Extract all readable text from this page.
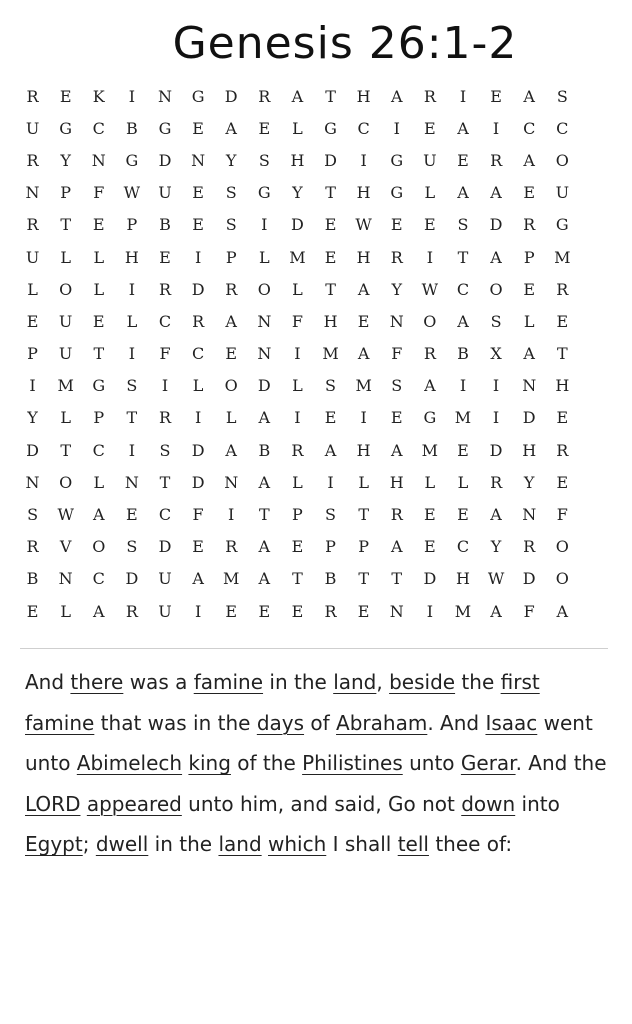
Genesis 26:1-2
R	E	K	I	N	G	D	R	A	T	H	A	R	I	E	A	S
U	G	C	B	G	E	A	E	L	G	C	I	E	A	I	C	C
R	Y	N	G	D	N	Y	S	H	D	I	G	U	E	R	A	O
N	P	F	W	U	E	S	G	Y	T	H	G	L	A	A	E	U
R	T	E	P	B	E	S	I	D	E	W	E	E	S	D	R	G
U	L	L	H	E	I	P	L	M	E	H	R	I	T	A	P	M
L	O	L	I	R	D	R	O	L	T	A	Y	W	C	O	E	R
E	U	E	L	C	R	A	N	F	H	E	N	O	A	S	L	E
P	U	T	I	F	C	E	N	I	M	A	F	R	B	X	A	T
I	M	G	S	I	L	O	D	L	S	M	S	A	I	I	N	H
Y	L	P	T	R	I	L	A	I	E	I	E	G	M	I	D	E
D	T	C	I	S	D	A	B	R	A	H	A	M	E	D	H	R
N	O	L	N	T	D	N	A	L	I	L	H	L	L	R	Y	E
S	W	A	E	C	F	I	T	P	S	T	R	E	E	A	N	F
R	V	O	S	D	E	R	A	E	P	P	A	E	C	Y	R	O
B	N	C	D	U	A	M	A	T	B	T	T	D	H	W	D	O
E	L	A	R	U	I	E	E	E	R	E	N	I	M	A	F	A

And there was a famine in the land, beside the first famine that was in the days of Abraham. And Isaac went unto Abimelech king of the Philistines unto Gerar. And the LORD appeared unto him, and said, Go not down into Egypt; dwell in the land which I shall tell thee of:
